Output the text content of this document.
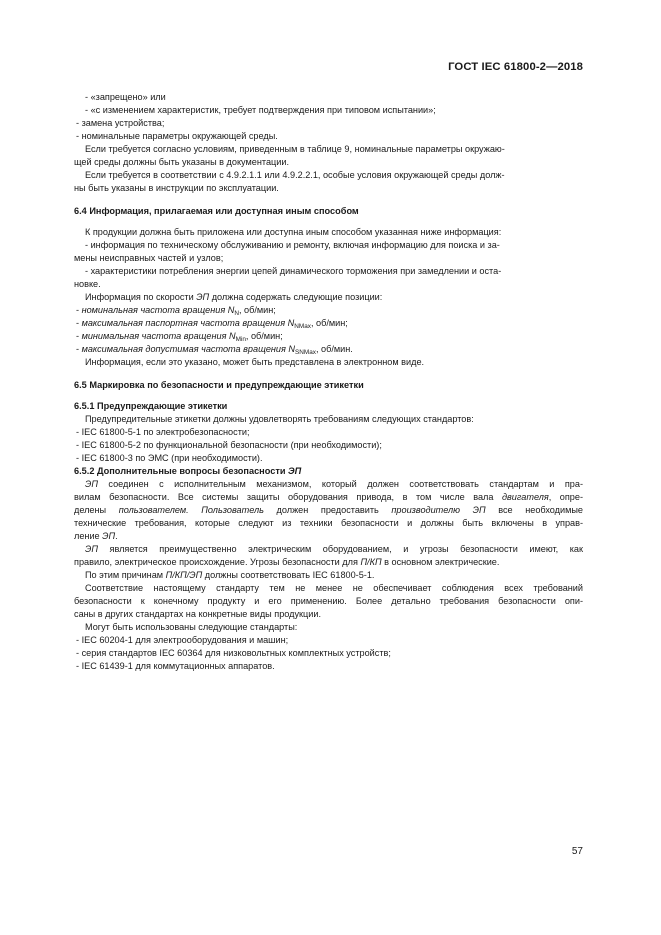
ГОСТ IEC 61800-2—2018
- «запрещено» или
- «с изменением характеристик, требует подтверждения при типовом испытании»;
- замена устройства;
- номинальные параметры окружающей среды.
Если требуется согласно условиям, приведенным в таблице 9, номинальные параметры окружаю-
щей среды должны быть указаны в документации.
Если требуется в соответствии с 4.9.2.1.1 или 4.9.2.2.1, особые условия окружающей среды долж-
ны быть указаны в инструкции по эксплуатации.
6.4 Информация, прилагаемая или доступная иным способом
К продукции должна быть приложена или доступна иным способом указанная ниже информация:
- информация по техническому обслуживанию и ремонту, включая информацию для поиска и за-
мены неисправных частей и узлов;
- характеристики потребления энергии цепей динамического торможения при замедлении и оста-
новке.
Информация по скорости ЭП должна содержать следующие позиции:
- номинальная частота вращения $N_N$, об/мин;
- максимальная паспортная частота вращения $N_{NMax}$, об/мин;
- минимальная частота вращения $N_{Min}$, об/мин;
- максимальная допустимая частота вращения $N_{SNMax}$, об/мин.
Информация, если это указано, может быть представлена в электронном виде.
6.5 Маркировка по безопасности и предупреждающие этикетки
6.5.1 Предупреждающие этикетки
Предупредительные этикетки должны удовлетворять требованиям следующих стандартов:
- IEC 61800-5-1 по электробезопасности;
- IEC 61800-5-2 по функциональной безопасности (при необходимости);
- IEC 61800-3 по ЭМС (при необходимости).
6.5.2 Дополнительные вопросы безопасности ЭП
ЭП соединен с исполнительным механизмом, который должен соответствовать стандартам и пра-
вилам безопасности. Все системы защиты оборудования привода, в том числе вала двигателя, опре-
делены пользователем. Пользователь должен предоставить производителю ЭП все необходимые
технические требования, которые следуют из техники безопасности и должны быть включены в управ-
ление ЭП.
ЭП является преимущественно электрическим оборудованием, и угрозы безопасности имеют, как
правило, электрическое происхождение. Угрозы безопасности для П/КП в основном электрические.
По этим причинам П/КП/ЭП должны соответствовать IEC 61800-5-1.
Соответствие настоящему стандарту тем не менее не обеспечивает соблюдения всех требований
безопасности к конечному продукту и его применению. Более детально требования безопасности опи-
саны в других стандартах на конкретные виды продукции.
Могут быть использованы следующие стандарты:
- IEC 60204-1 для электрооборудования и машин;
- серия стандартов IEC 60364 для низковольтных комплектных устройств;
- IEC 61439-1 для коммутационных аппаратов.
57
